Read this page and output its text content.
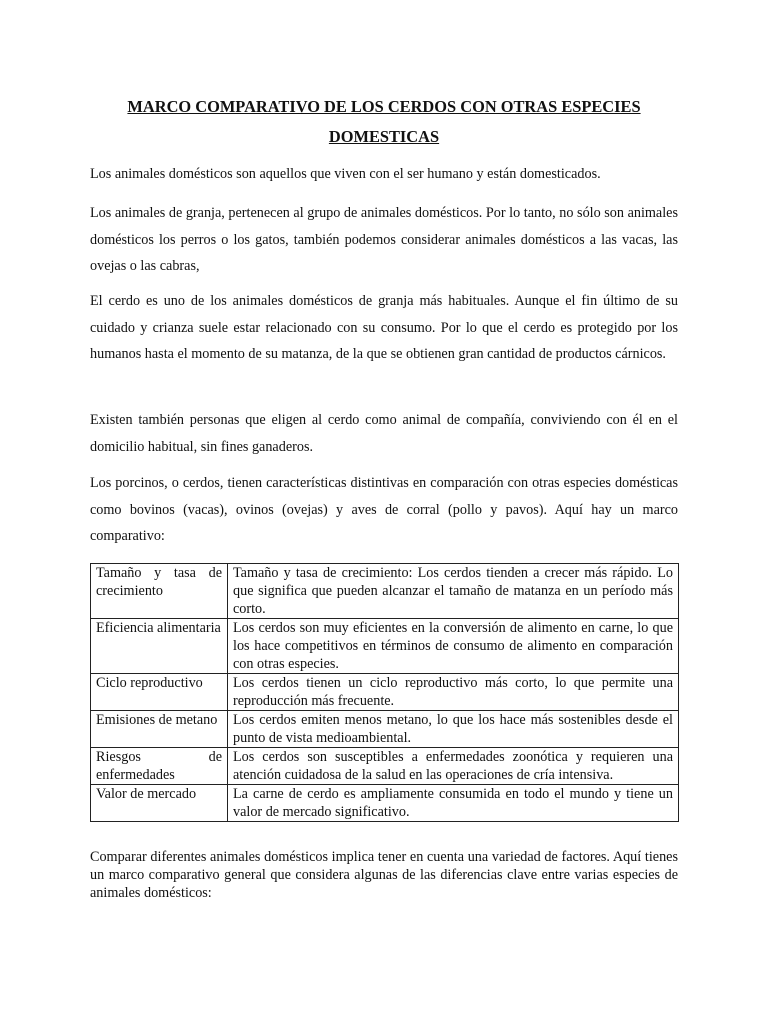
MARCO COMPARATIVO DE LOS CERDOS CON OTRAS ESPECIES DOMESTICAS

Los animales domésticos son aquellos que viven con el ser humano y están domesticados.

Los animales de granja, pertenecen al grupo de animales domésticos. Por lo tanto, no sólo son animales domésticos los perros o los gatos, también podemos considerar animales domésticos a las vacas, las ovejas o las cabras,

El cerdo es uno de los animales domésticos de granja más habituales. Aunque el fin último de su cuidado y crianza suele estar relacionado con su consumo. Por lo que el cerdo es protegido por los humanos hasta el momento de su matanza, de la que se obtienen gran cantidad de productos cárnicos.

Existen también personas que eligen al cerdo como animal de compañía, conviviendo con él en el domicilio habitual, sin fines ganaderos.

Los porcinos, o cerdos, tienen características distintivas en comparación con otras especies domésticas como bovinos (vacas), ovinos (ovejas) y aves de corral (pollo y pavos). Aquí hay un marco comparativo:

Tamaño y tasa de crecimiento	Tamaño y tasa de crecimiento: Los cerdos tienden a crecer más rápido. Lo que significa que pueden alcanzar el tamaño de matanza en un período más corto.
Eficiencia alimentaria	Los cerdos son muy eficientes en la conversión de alimento en carne, lo que los hace competitivos en términos de consumo de alimento en comparación con otras especies.
Ciclo reproductivo	Los cerdos tienen un ciclo reproductivo más corto, lo que permite una reproducción más frecuente.
Emisiones de metano	Los cerdos emiten menos metano, lo que los hace más sostenibles desde el punto de vista medioambiental.
Riesgos de enfermedades	Los cerdos son susceptibles a enfermedades zoonótica y requieren una atención cuidadosa de la salud en las operaciones de cría intensiva.
Valor de mercado	La carne de cerdo es ampliamente consumida en todo el mundo y tiene un valor de mercado significativo.

Comparar diferentes animales domésticos implica tener en cuenta una variedad de factores. Aquí tienes un marco comparativo general que considera algunas de las diferencias clave entre varias especies de animales domésticos:
